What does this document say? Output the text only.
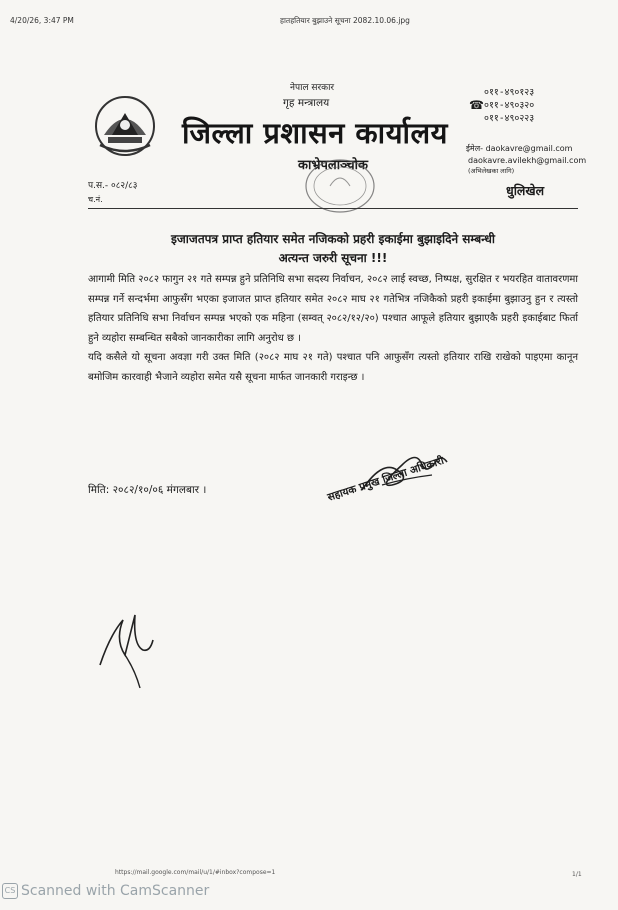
4/20/26, 3:47 PM	हातहतियार बुझाउने सूचना 2082.10.06.jpg
नेपाल सरकार
गृह मन्त्रालय
जिल्ला प्रशासन कार्यालय
काभ्रेपलाञ्चोक
☎
०११-४९०१२३
०११-४९०३२०
०११-४९०२२३
ईमेल- daokavre@gmail.com
daokavre.avilekh@gmail.com
(अभिलेखका लागि)
प.स.- ०८२/८३
च.नं.
धुलिखेल
इजाजतपत्र प्राप्त हतियार समेत नजिकको प्रहरी इकाईमा बुझाइदिने सम्बन्धी
अत्यन्त जरुरी सूचना !!!

आगामी मिति २०८२ फागुन २१ गते सम्पन्न हुने प्रतिनिधि सभा सदस्य निर्वाचन, २०८२ लाई स्वच्छ, निष्पक्ष, सुरक्षित र भयरहित वातावरणमा सम्पन्न गर्ने सन्दर्भमा आफुसँग भएका इजाजत प्राप्त हतियार समेत २०८२ माघ २१ गतेभित्र नजिकैको प्रहरी इकाईमा बुझाउनु हुन र त्यस्तो हतियार प्रतिनिधि सभा निर्वाचन सम्पन्न भएको एक महिना (सम्वत् २०८२/१२/२०) पश्चात आफूले हतियार बुझाएकै प्रहरी इकाईबाट फिर्ता हुने व्यहोरा सम्बन्धित सबैको जानकारीका लागि अनुरोध छ ।

यदि कसैले यो सूचना अवज्ञा गरी उक्त मिति (२०८२ माघ २१ गते) पश्चात पनि आफुसँग त्यस्तो हतियार राखि राखेको पाइएमा कानून बमोजिम कारवाही भैजाने व्यहोरा समेत यसै सूचना मार्फत जानकारी गराइन्छ ।

मिति: २०८२/१०/०६ मंगलबार ।	सहायक प्रमुख जिल्ला अधिकारी
https://mail.google.com/mail/u/1/#inbox?compose=1	1/1
CS Scanned with CamScanner
